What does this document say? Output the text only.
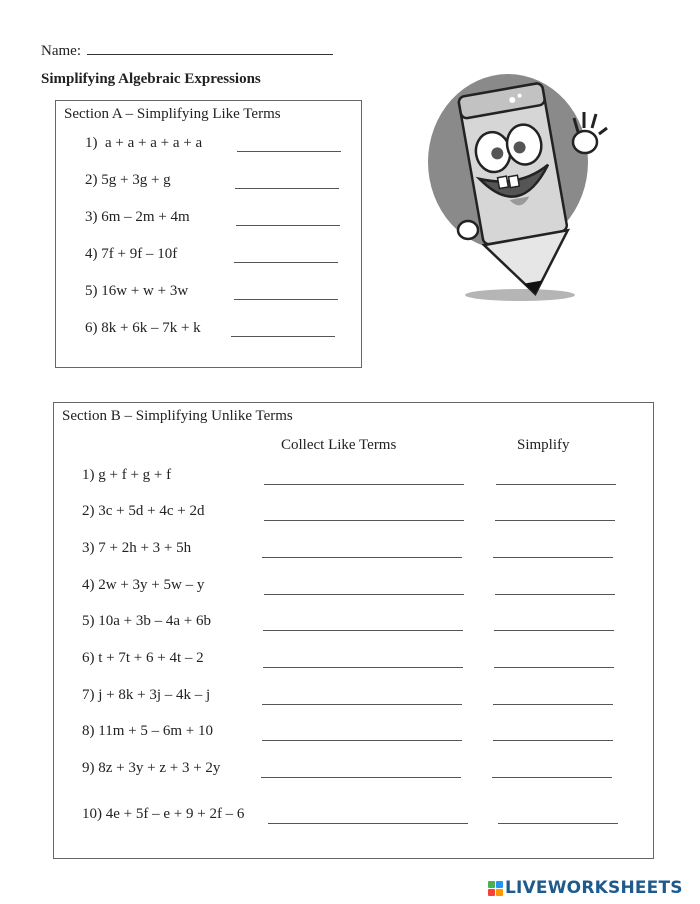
Name:
Simplifying Algebraic Expressions
Section A – Simplifying Like Terms
1) a + a + a + a + a
2) 5g + 3g + g
3) 6m – 2m + 4m
4) 7f + 9f – 10f
5) 16w + w + 3w
6) 8k + 6k – 7k + k
Section B – Simplifying Unlike Terms
Collect Like Terms	Simplify
1) g + f + g + f
2) 3c + 5d + 4c + 2d
3) 7 + 2h + 3 + 5h
4) 2w + 3y + 5w – y
5) 10a + 3b – 4a + 6b
6) t + 7t + 6 + 4t – 2
7) j + 8k + 3j – 4k – j
8) 11m + 5 – 6m + 10
9) 8z + 3y + z + 3 + 2y
10) 4e + 5f – e + 9 + 2f – 6
LIVEWORKSHEETS
